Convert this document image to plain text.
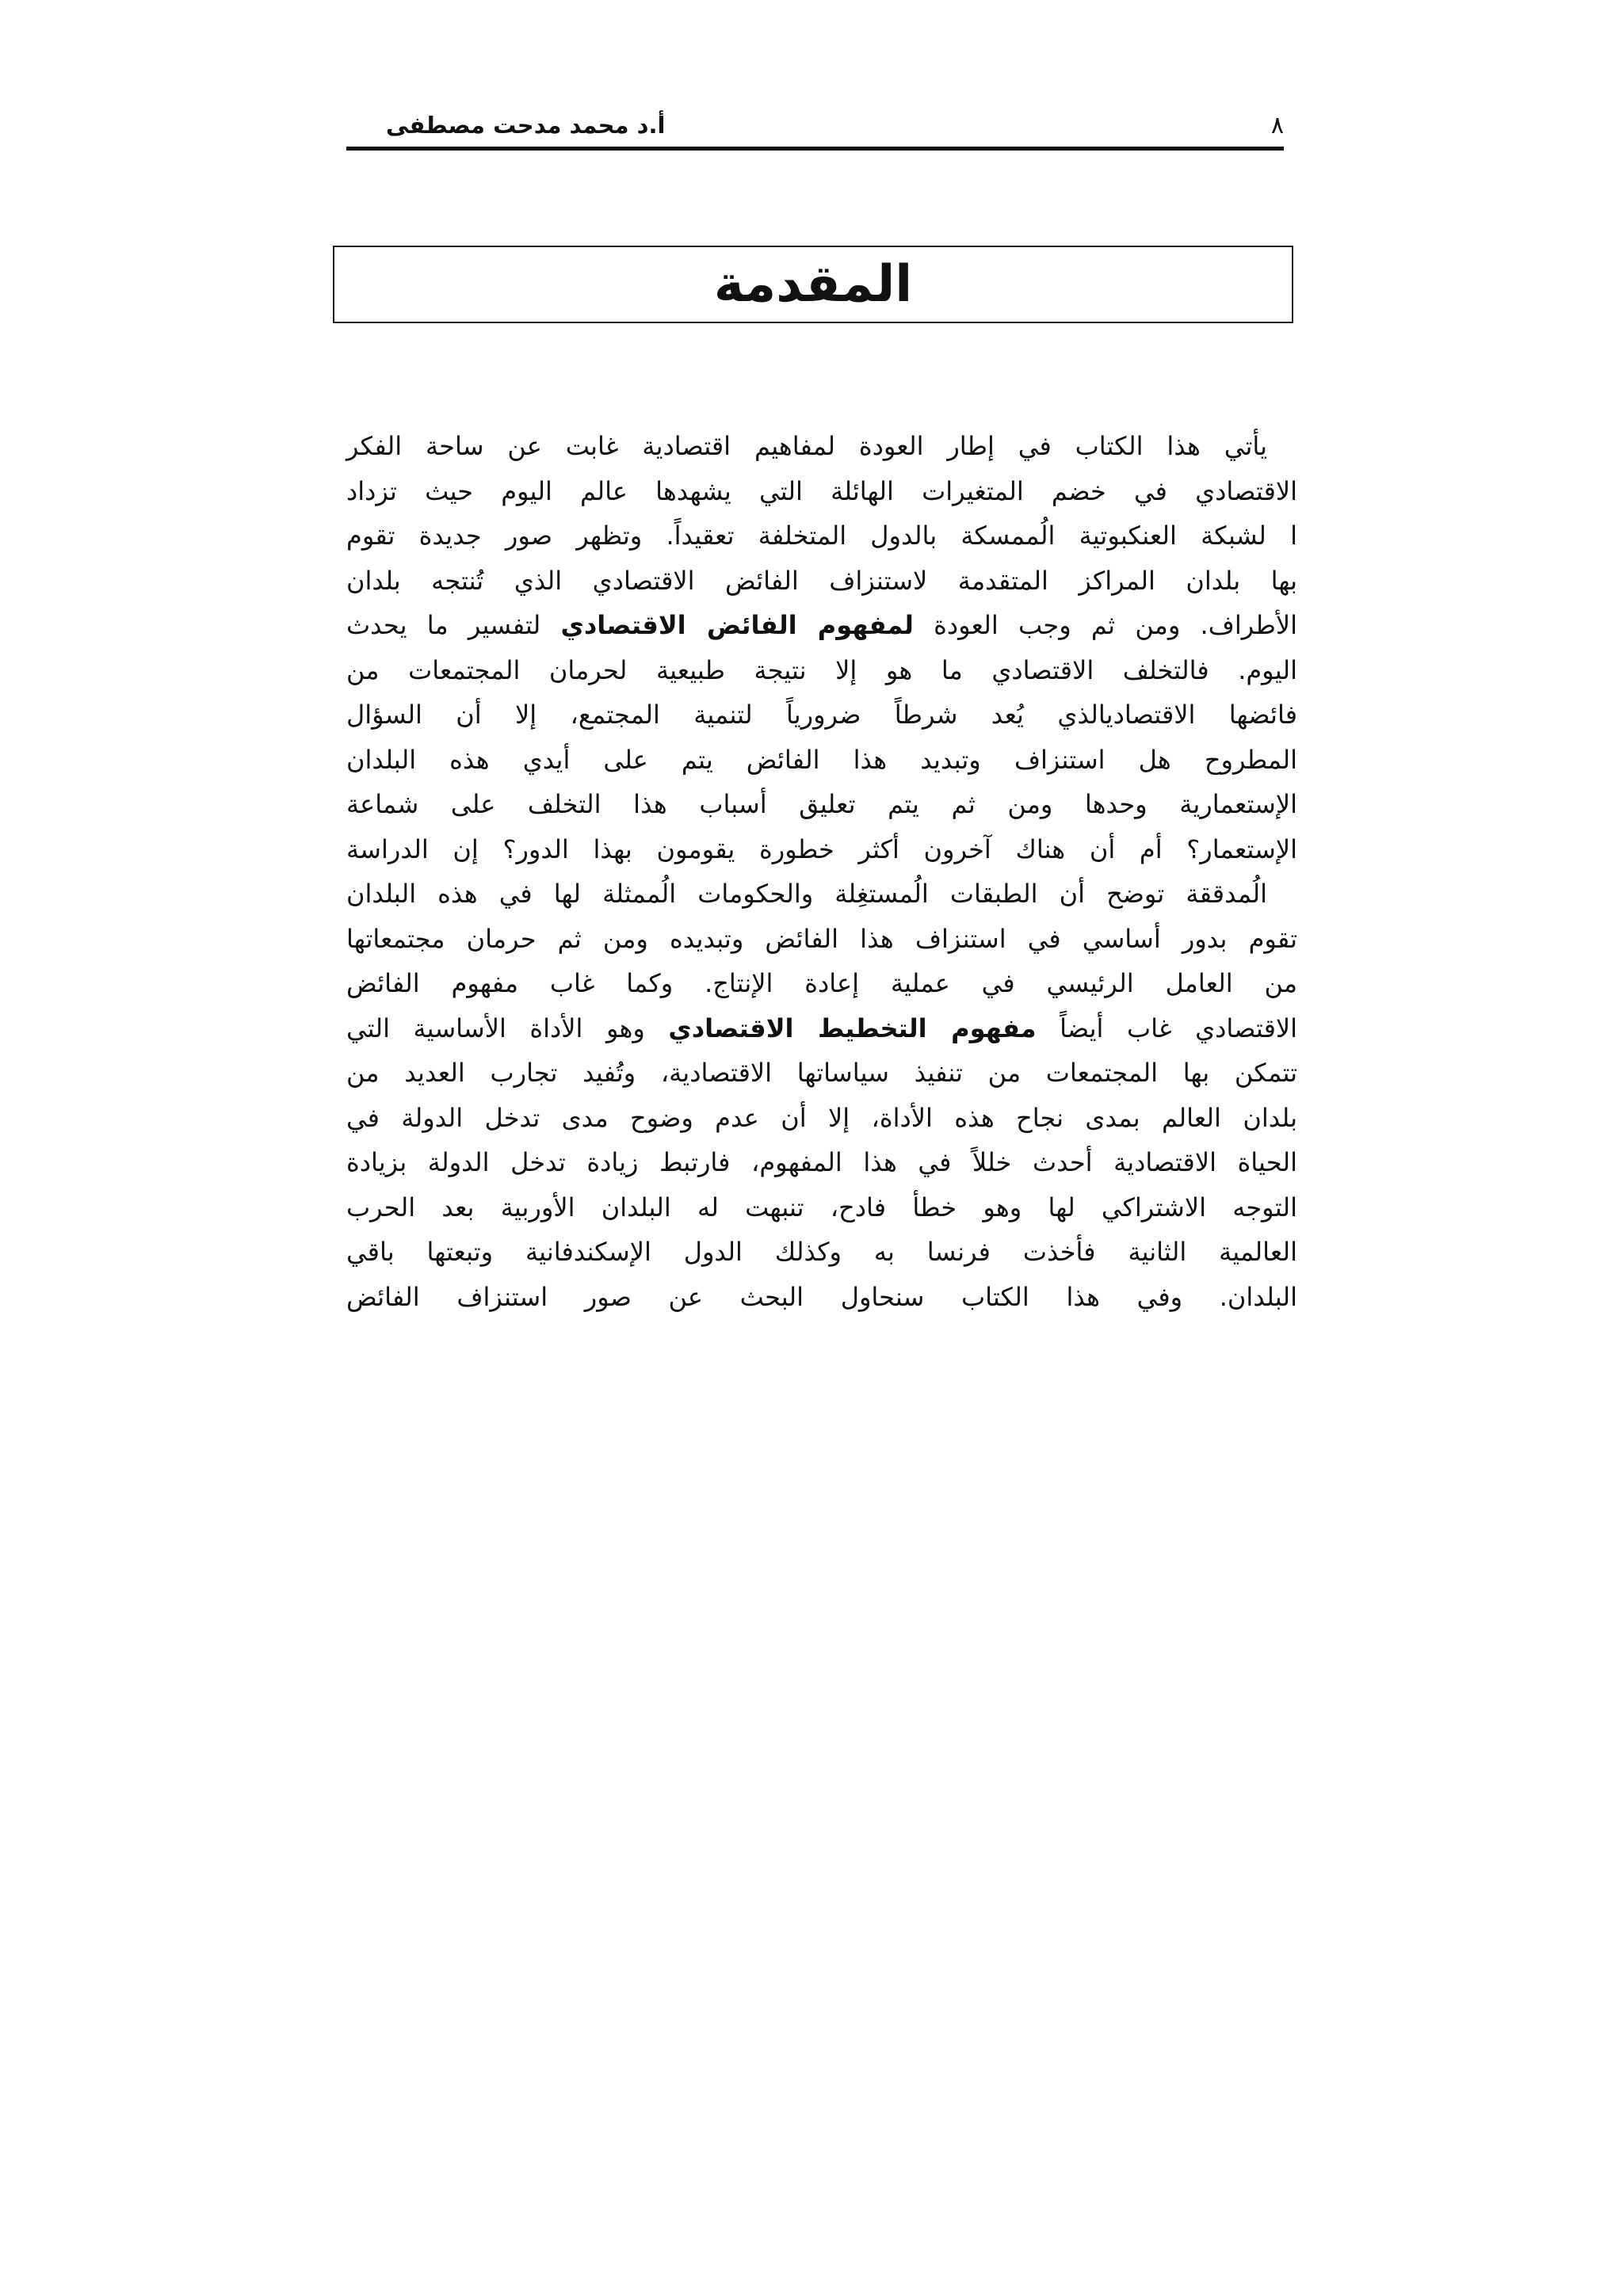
٨
أ.د محمد مدحت مصطفى
المقدمة
يأتي هذا الكتاب في إطار العودة لمفاهيم اقتصادية غابت عن ساحة الفكر
الاقتصادي في خضم المتغيرات الهائلة التي يشهدها عالم اليوم حيث تزداد
ا لشبكة العنكبوتية الُممسكة بالدول المتخلفة تعقيداً. وتظهر صور جديدة تقوم
بها بلدان المراكز المتقدمة لاستنزاف الفائض الاقتصادي الذي تُنتجه بلدان
الأطراف. ومن ثم وجب العودة لمفهوم الفائض الاقتصادي لتفسير ما يحدث
اليوم. فالتخلف الاقتصادي ما هو إلا نتيجة طبيعية لحرمان المجتمعات من
فائضها الاقتصاديالذي يُعد شرطاً ضرورياً لتنمية المجتمع، إلا أن السؤال
المطروح هل استنزاف وتبديد هذا الفائض يتم على أيدي هذه البلدان
الإستعمارية وحدها ومن ثم يتم تعليق أسباب هذا التخلف على شماعة
الإستعمار؟ أم أن هناك آخرون أكثر خطورة يقومون بهذا الدور؟ إن الدراسة
الُمدققة توضح أن الطبقات الُمستغِلة والحكومات الُممثلة لها في هذه البلدان
تقوم بدور أساسي في استنزاف هذا الفائض وتبديده ومن ثم حرمان مجتمعاتها
من العامل الرئيسي في عملية إعادة الإنتاج. وكما غاب مفهوم الفائض
الاقتصادي غاب أيضاً مفهوم التخطيط الاقتصادي وهو الأداة الأساسية التي
تتمكن بها المجتمعات من تنفيذ سياساتها الاقتصادية، وتُفيد تجارب العديد من
بلدان العالم بمدى نجاح هذه الأداة، إلا أن عدم وضوح مدى تدخل الدولة في
الحياة الاقتصادية أحدث خللاً في هذا المفهوم، فارتبط زيادة تدخل الدولة بزيادة
التوجه الاشتراكي لها وهو خطأ فادح، تنبهت له البلدان الأوربية بعد الحرب
العالمية الثانية فأخذت فرنسا به وكذلك الدول الإسكندفانية وتبعتها باقي
البلدان. وفي هذا الكتاب سنحاول البحث عن صور استنزاف الفائض
